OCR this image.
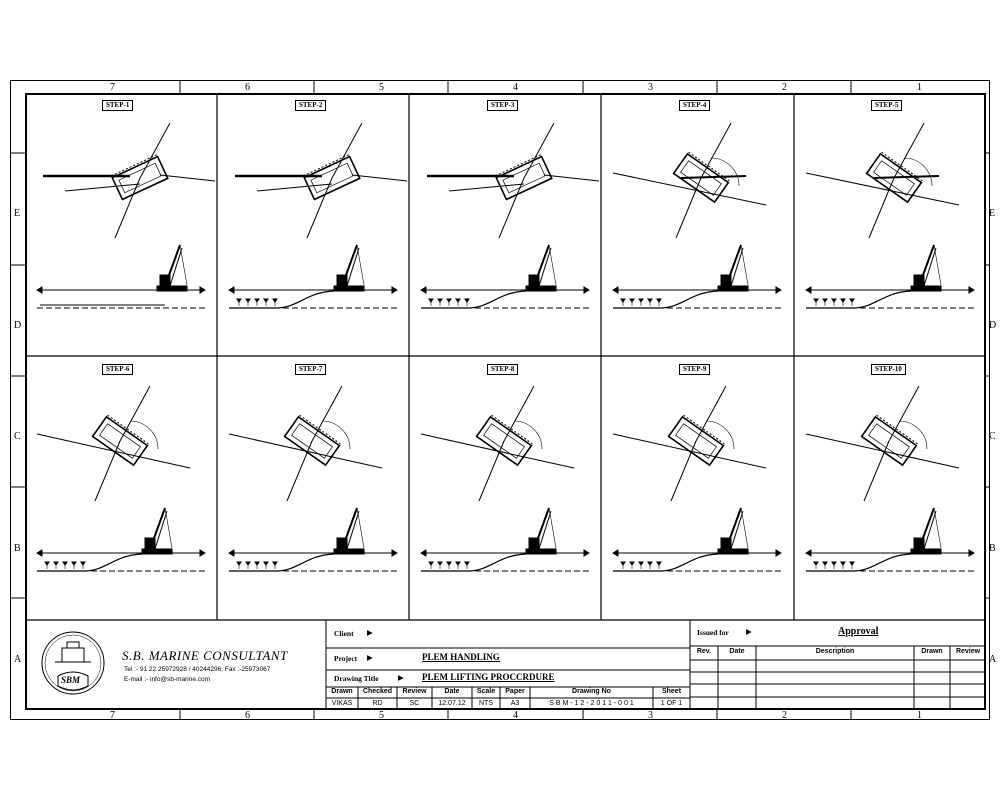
7	6	5	4	3	2	1
7	6	5	4	3	2	1
E
D
C
B
A
E
D
C
B
A
STEP-1	STEP-2	STEP-3	STEP-4	STEP-5
STEP-6	STEP-7	STEP-8	STEP-9	STEP-10
SBM
S.B. MARINE CONSULTANT
Tel :- 91 22 25972928 / 40244296, Fax :-25973067
E-mail :- info@sb-marine.com
Client ▶
Project ▶	PLEM HANDLING
Drawing Title	▶ PLEM LIFTING PROCCRDURE
Drawn	Checked	Review	Date	Scale	Paper	Drawing No	Sheet
VIKAS	RD	SC	12.07.12	NTS	A3	S B M - 1 2 - 2 0 1 1 - 0 0 1	1 OF 1
Issued for ▶	Approval
Rev.	Date	Description	Drawn	Review
